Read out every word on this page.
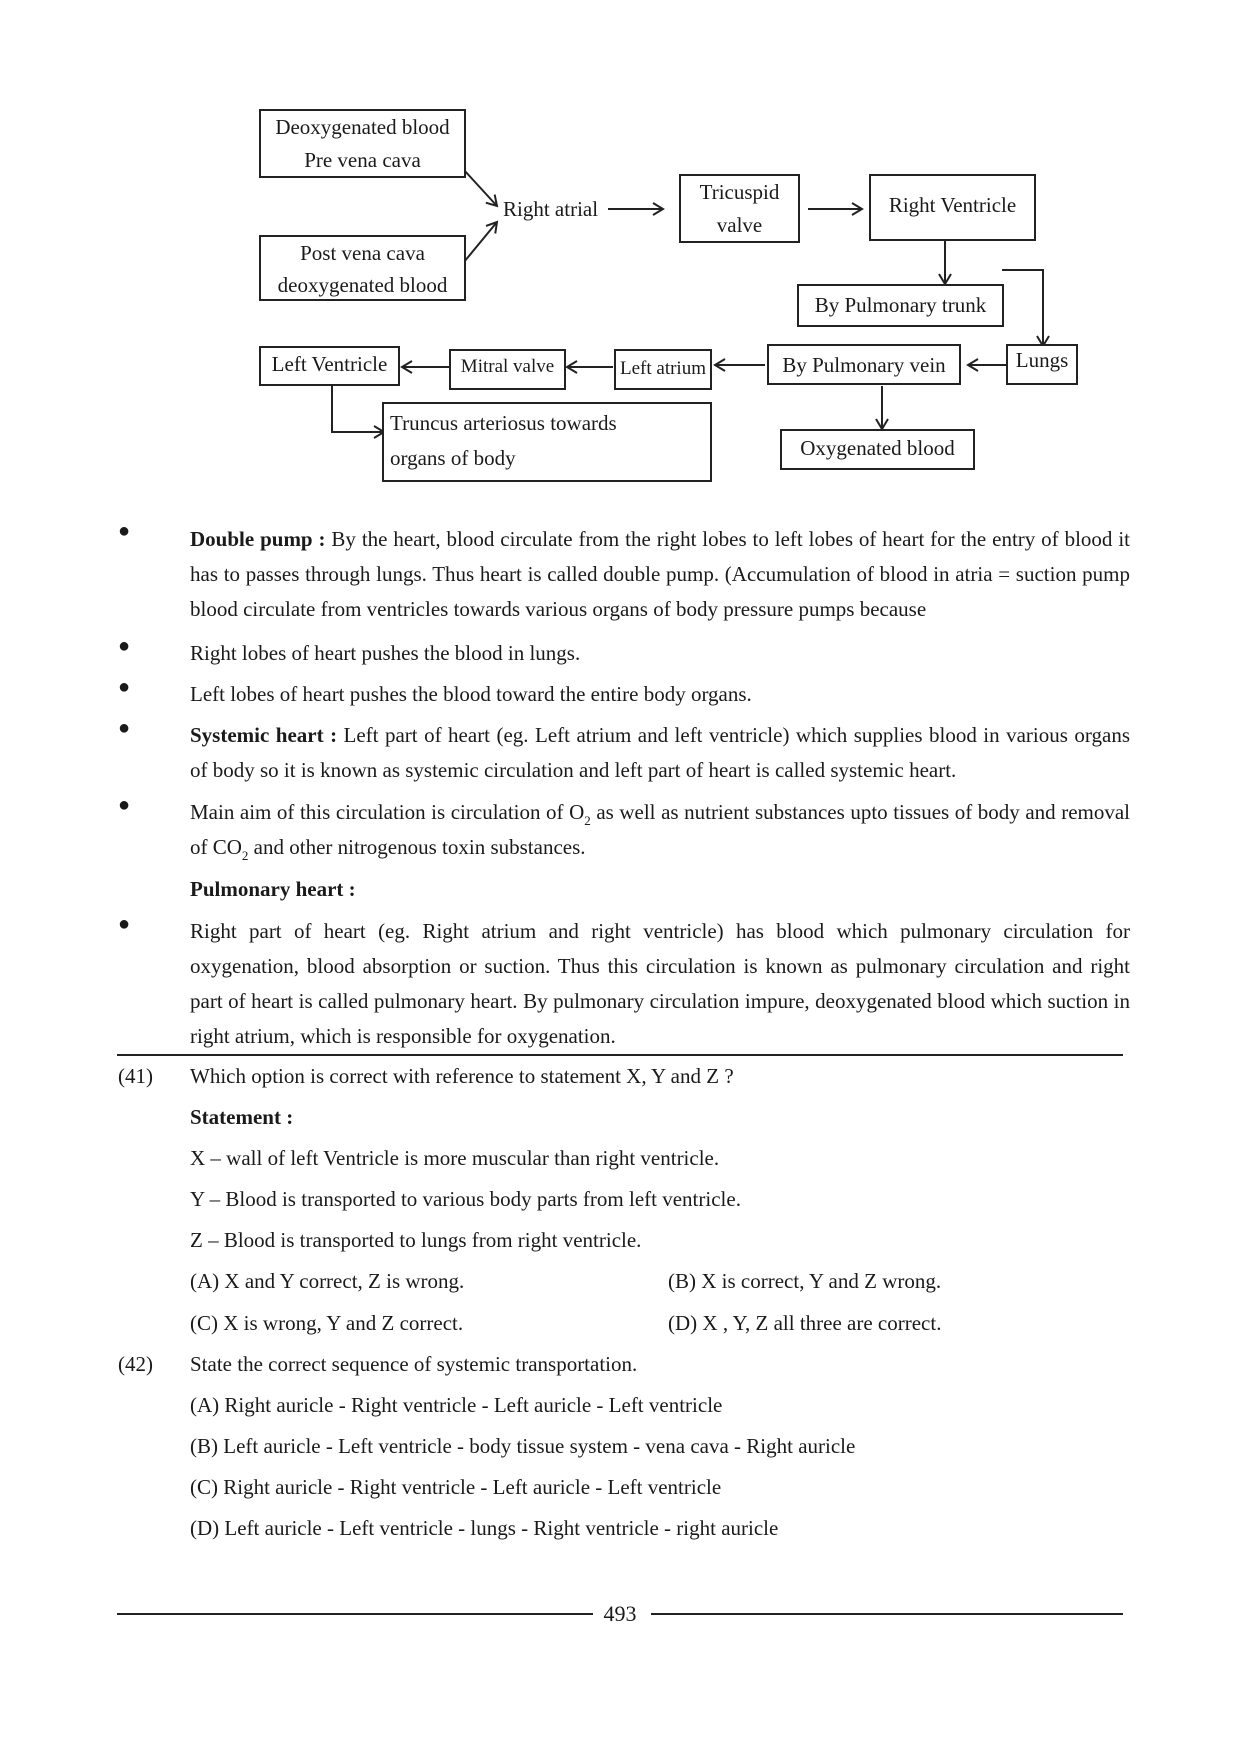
Deoxygenated blood
Pre vena cava
Post vena cava
deoxygenated blood
Right atrial
Tricuspid
valve
Right Ventricle
By Pulmonary trunk
Lungs
By Pulmonary vein
Oxygenated blood
Left atrium
Mitral valve
Left Ventricle
Truncus arteriosus towards
organs of body
●	Double pump : By the heart, blood circulate from the right lobes to left lobes of heart for the entry of blood it has to passes through lungs. Thus heart is called double pump. (Accumulation of blood in atria = suction pump blood circulate from ventricles towards various organs of body pressure pumps because
●	Right lobes of heart pushes the blood in lungs.
●	Left lobes of heart pushes the blood toward the entire body organs.
●	Systemic heart : Left part of heart (eg. Left atrium and left ventricle) which supplies blood in various organs of body so it is known as systemic circulation and left part of heart is called systemic heart.
●	Main aim of this circulation is circulation of $O_2$ as well as nutrient substances upto tissues of body and removal of $CO_2$ and other nitrogenous toxin substances.
Pulmonary heart :
●	Right part of heart (eg. Right atrium and right ventricle) has blood which pulmonary circulation for oxygenation, blood absorption or suction. Thus this circulation is known as pulmonary circulation and right part of heart is called pulmonary heart. By pulmonary circulation impure, deoxygenated blood which suction in right atrium, which is responsible for oxygenation.
(41) Which option is correct with reference to statement X, Y and Z ?
Statement :
X – wall of left Ventricle is more muscular than right ventricle.
Y – Blood is transported to various body parts from left ventricle.
Z – Blood is transported to lungs from right ventricle.
(A) X and Y correct, Z is wrong.	(B) X is correct, Y and Z wrong.
(C) X is wrong, Y and Z correct.	(D) X , Y, Z all three are correct.
(42) State the correct sequence of systemic transportation.
(A) Right auricle - Right ventricle - Left auricle - Left ventricle
(B) Left auricle - Left ventricle - body tissue system - vena cava - Right auricle
(C) Right auricle - Right ventricle - Left auricle - Left ventricle
(D) Left auricle - Left ventricle - lungs - Right ventricle - right auricle
493
